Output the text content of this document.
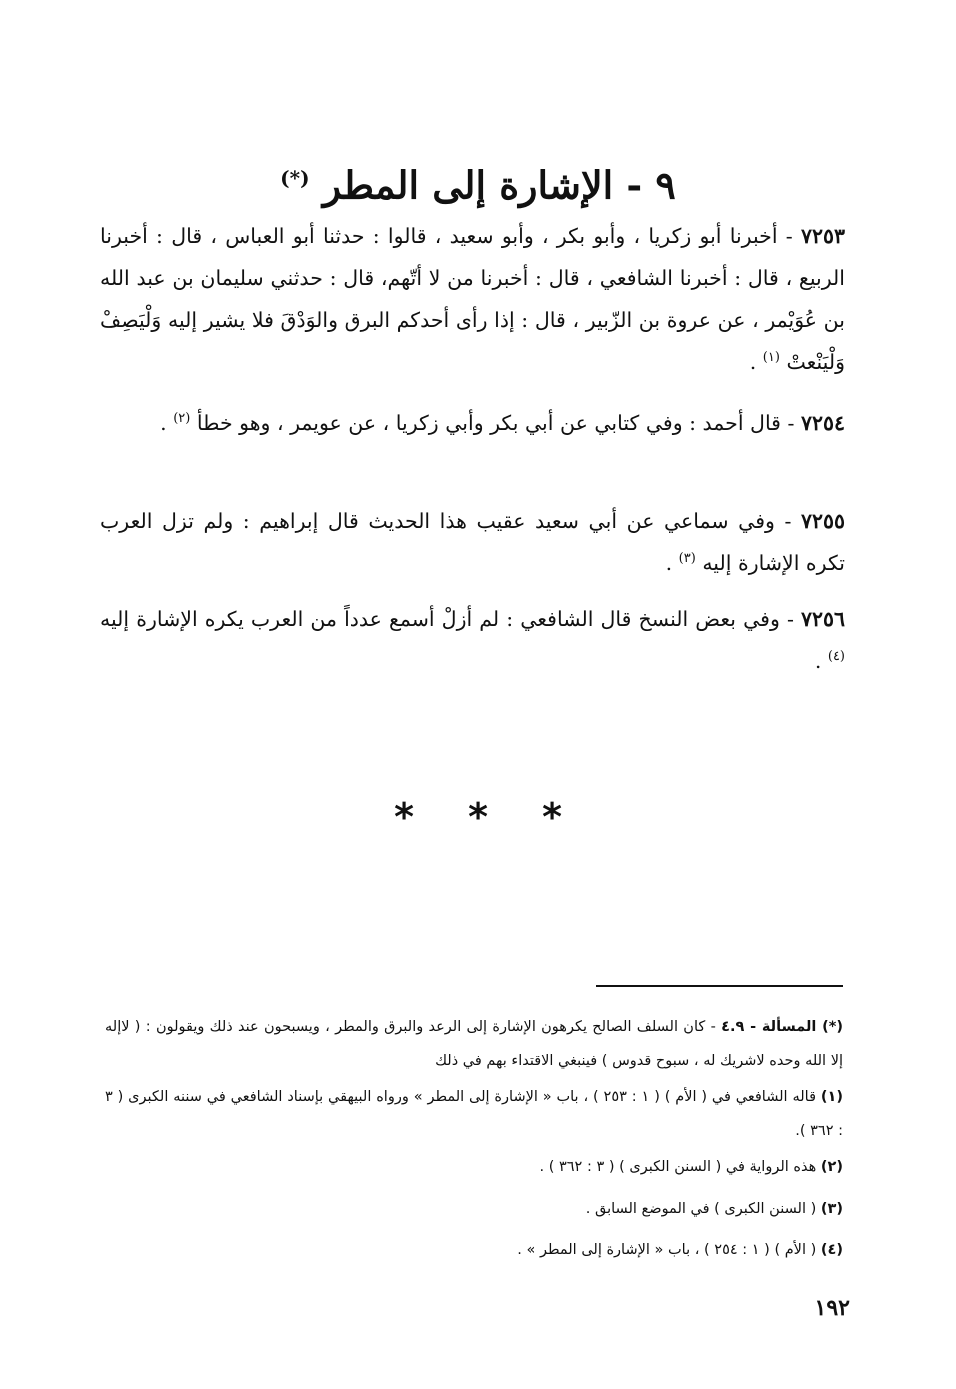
٩ - الإشارة إلى المطر (*)
٧٢٥٣ - أخبرنا أبو زكريا ، وأبو بكر ، وأبو سعيد ، قالوا : حدثنا أبو العباس ، قال : أخبرنا الربيع ، قال : أخبرنا الشافعي ، قال : أخبرنا من لا أتّهم، قال : حدثني سليمان بن عبد الله بن عُوَيْمر ، عن عروة بن الزّبير ، قال : إذا رأى أحدكم البرق والوَدْقَ فلا يشير إليه وَلْيَصِفْ وَلْيَنْعتْ $^{(١)}$ .
٧٢٥٤ - قال أحمد : وفي كتابي عن أبي بكر وأبي زكريا ، عن عويمر ، وهو خطأ $^{(٢)}$ .
٧٢٥٥ - وفي سماعي عن أبي سعيد عقيب هذا الحديث قال إبراهيم : ولم تزل العرب تكره الإشارة إليه $^{(٣)}$ .
٧٢٥٦ - وفي بعض النسخ قال الشافعي : لم أزلْ أسمع عدداً من العرب يكره الإشارة إليه $^{(٤)}$ .
* * *
(*) المسألة - ٤.٩ - كان السلف الصالح يكرهون الإشارة إلى الرعد والبرق والمطر ، ويسبحون عند ذلك ويقولون : ( لاإله إلا الله وحده لاشريك له ، سبوح قدوس ) فينبغي الاقتداء بهم في ذلك
(١) قاله الشافعي في ( الأم ) ( ١ : ٢٥٣ ) ، باب « الإشارة إلى المطر » ورواه البيهقي بإسناد الشافعي في سننه الكبرى ( ٣ : ٣٦٢ ).
(٢) هذه الرواية في ( السنن الكبرى ) ( ٣ : ٣٦٢ ) .
(٣) ( السنن الكبرى ) في الموضع السابق .
(٤) ( الأم ) ( ١ : ٢٥٤ ) ، باب « الإشارة إلى المطر » .
١٩٢
